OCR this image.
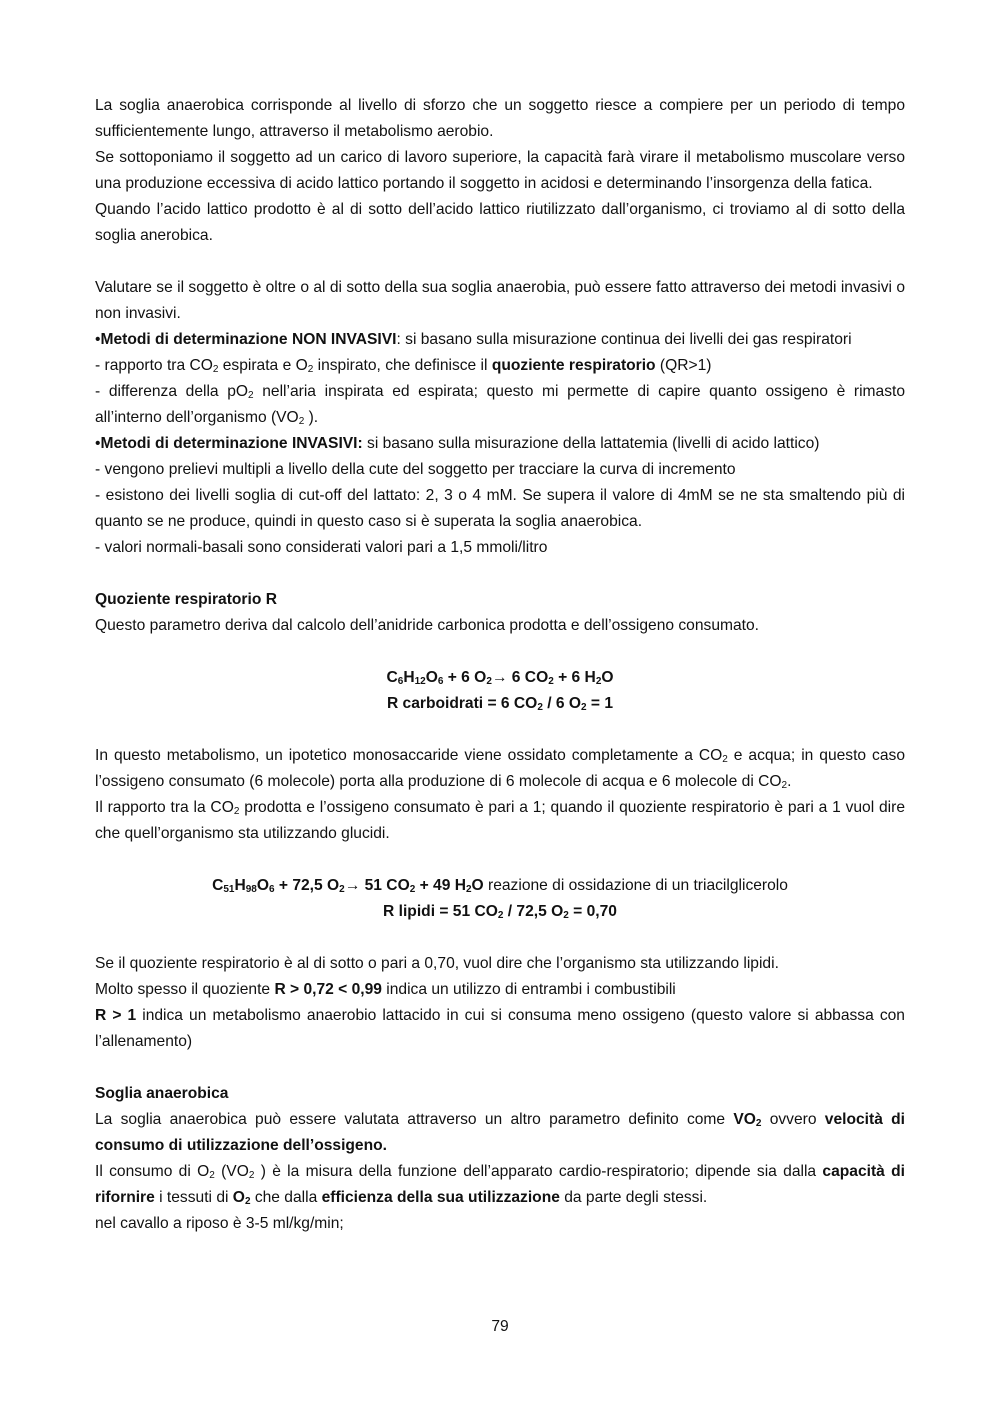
La soglia anaerobica corrisponde al livello di sforzo che un soggetto riesce a compiere per un periodo di tempo sufficientemente lungo, attraverso il metabolismo aerobio.

Se sottoponiamo il soggetto ad un carico di lavoro superiore, la capacità farà virare il metabolismo muscolare verso una produzione eccessiva di acido lattico portando il soggetto in acidosi e determinando l’insorgenza della fatica.

Quando l’acido lattico prodotto è al di sotto dell’acido lattico riutilizzato dall’organismo, ci troviamo al di sotto della soglia anerobica.

Valutare se il soggetto è oltre o al di sotto della sua soglia anaerobia, può essere fatto attraverso dei metodi invasivi o non invasivi.

•Metodi di determinazione NON INVASIVI: si basano sulla misurazione continua dei livelli dei gas respiratori

- rapporto tra $CO_2$ espirata e $O_2$ inspirato, che definisce il quoziente respiratorio (QR>1)

- differenza della $pO_2$ nell’aria inspirata ed espirata; questo mi permette di capire quanto ossigeno è rimasto all’interno dell’organismo ($VO_2$ ).

•Metodi di determinazione INVASIVI: si basano sulla misurazione della lattatemia (livelli di acido lattico)

- vengono prelievi multipli a livello della cute del soggetto per tracciare la curva di incremento

- esistono dei livelli soglia di cut-off del lattato: 2, 3 o 4 mM. Se supera il valore di 4mM se ne sta smaltendo più di quanto se ne produce, quindi in questo caso si è superata la soglia anaerobica.

- valori normali-basali sono considerati valori pari a 1,5 mmoli/litro

Quoziente respiratorio R

Questo parametro deriva dal calcolo dell’anidride carbonica prodotta e dell’ossigeno consumato.

$C_6H_{12}O_6 + 6$ $O_2\to 6$ $CO_2 + 6$ $H_2O$

R carboidrati = 6 $CO_2 / 6$ $O_2 = 1$

In questo metabolismo, un ipotetico monosaccaride viene ossidato completamente a $CO_2$ e acqua; in questo caso l’ossigeno consumato (6 molecole) porta alla produzione di 6 molecole di acqua e 6 molecole di $CO_2$.

Il rapporto tra la $CO_2$ prodotta e l’ossigeno consumato è pari a 1; quando il quoziente respiratorio è pari a 1 vuol dire che quell’organismo sta utilizzando glucidi.

$C_{51}H_{98}O_6 + 72,5$ $O_2\to 51$ $CO_2 + 49$ $H_2O$ reazione di ossidazione di un triacilglicerolo

R lipidi = 51 $CO_2 / 72,5$ $O_2 = 0,70$

Se il quoziente respiratorio è al di sotto o pari a 0,70, vuol dire che l’organismo sta utilizzando lipidi.

Molto spesso il quoziente R > 0,72 < 0,99 indica un utilizzo di entrambi i combustibili

R > 1 indica un metabolismo anaerobio lattacido in cui si consuma meno ossigeno (questo valore si abbassa con l’allenamento)

Soglia anaerobica

La soglia anaerobica può essere valutata attraverso un altro parametro definito come $VO_2$ ovvero velocità di consumo di utilizzazione dell’ossigeno.

Il consumo di $O_2$ ($VO_2$ ) è la misura della funzione dell’apparato cardio-respiratorio; dipende sia dalla capacità di rifornire i tessuti di $O_2$ che dalla efficienza della sua utilizzazione da parte degli stessi.

nel cavallo a riposo è 3-5 ml/kg/min;

79
